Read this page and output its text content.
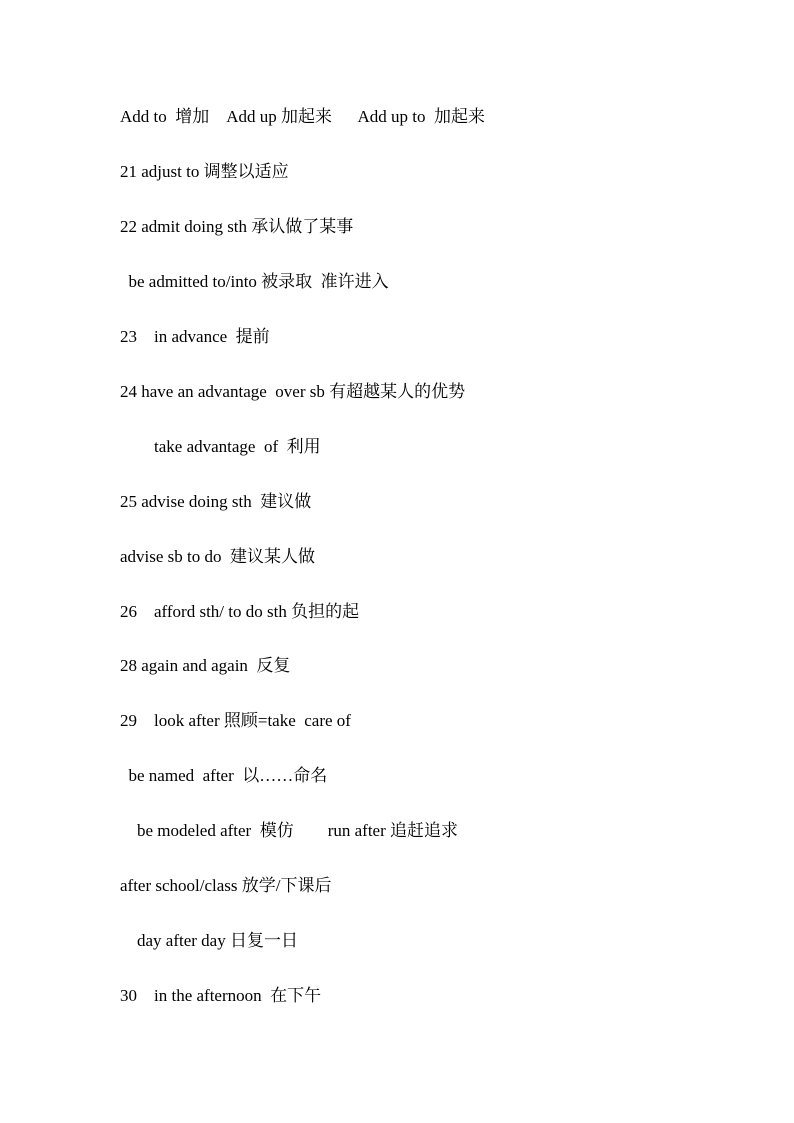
Add to  增加    Add up 加起来      Add up to  加起来
21 adjust to 调整以适应
22 admit doing sth 承认做了某事
be admitted to/into 被录取  准许进入
23    in advance  提前
24 have an advantage  over sb 有超越某人的优势
take advantage  of  利用
25 advise doing sth  建议做
advise sb to do  建议某人做
26    afford sth/ to do sth 负担的起
28 again and again  反复
29    look after 照顾=take  care of
be named  after  以……命名
be modeled after  模仿        run after 追赶追求
after school/class 放学/下课后
day after day 日复一日
30    in the afternoon  在下午
